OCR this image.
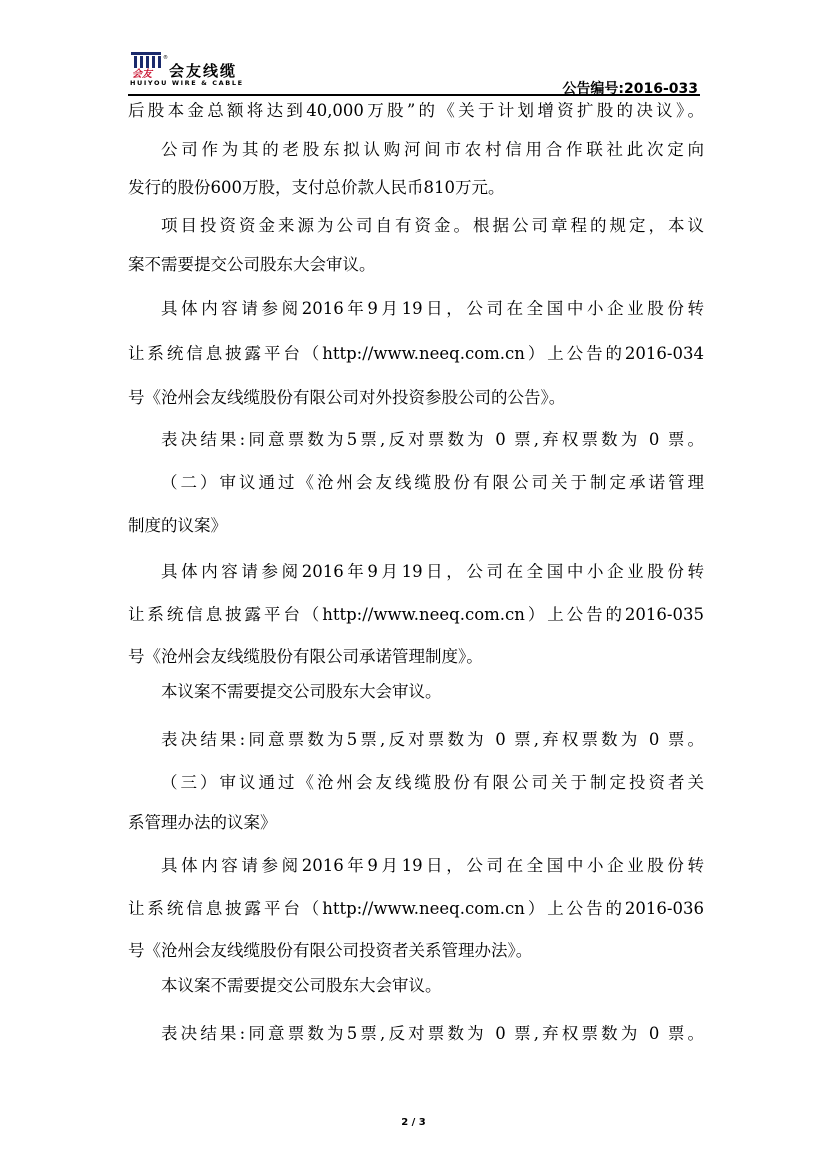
会友
®
会友线缆
HUIYOU WIRE & CABLE	公告编号:2016-033

后股本金总额将达到40,000万股”的《关于计划增资扩股的决议》。

公司作为其的老股东拟认购河间市农村信用合作联社此次定向

发行的股份600万股，支付总价款人民币810万元。

项目投资资金来源为公司自有资金。根据公司章程的规定，本议

案不需要提交公司股东大会审议。

具体内容请参阅2016年9月19日，公司在全国中小企业股份转

让系统信息披露平台（http://www.neeq.com.cn）上公告的2016-034

号《沧州会友线缆股份有限公司对外投资参股公司的公告》。

表决结果:同意票数为5票,反对票数为 0 票,弃权票数为 0 票。

（二）审议通过《沧州会友线缆股份有限公司关于制定承诺管理

制度的议案》

具体内容请参阅2016年9月19日，公司在全国中小企业股份转

让系统信息披露平台（http://www.neeq.com.cn）上公告的2016-035

号《沧州会友线缆股份有限公司承诺管理制度》。

本议案不需要提交公司股东大会审议。

表决结果:同意票数为5票,反对票数为 0 票,弃权票数为 0 票。

（三）审议通过《沧州会友线缆股份有限公司关于制定投资者关

系管理办法的议案》

具体内容请参阅2016年9月19日，公司在全国中小企业股份转

让系统信息披露平台（http://www.neeq.com.cn）上公告的2016-036

号《沧州会友线缆股份有限公司投资者关系管理办法》。

本议案不需要提交公司股东大会审议。

表决结果:同意票数为5票,反对票数为 0 票,弃权票数为 0 票。

2 / 3
